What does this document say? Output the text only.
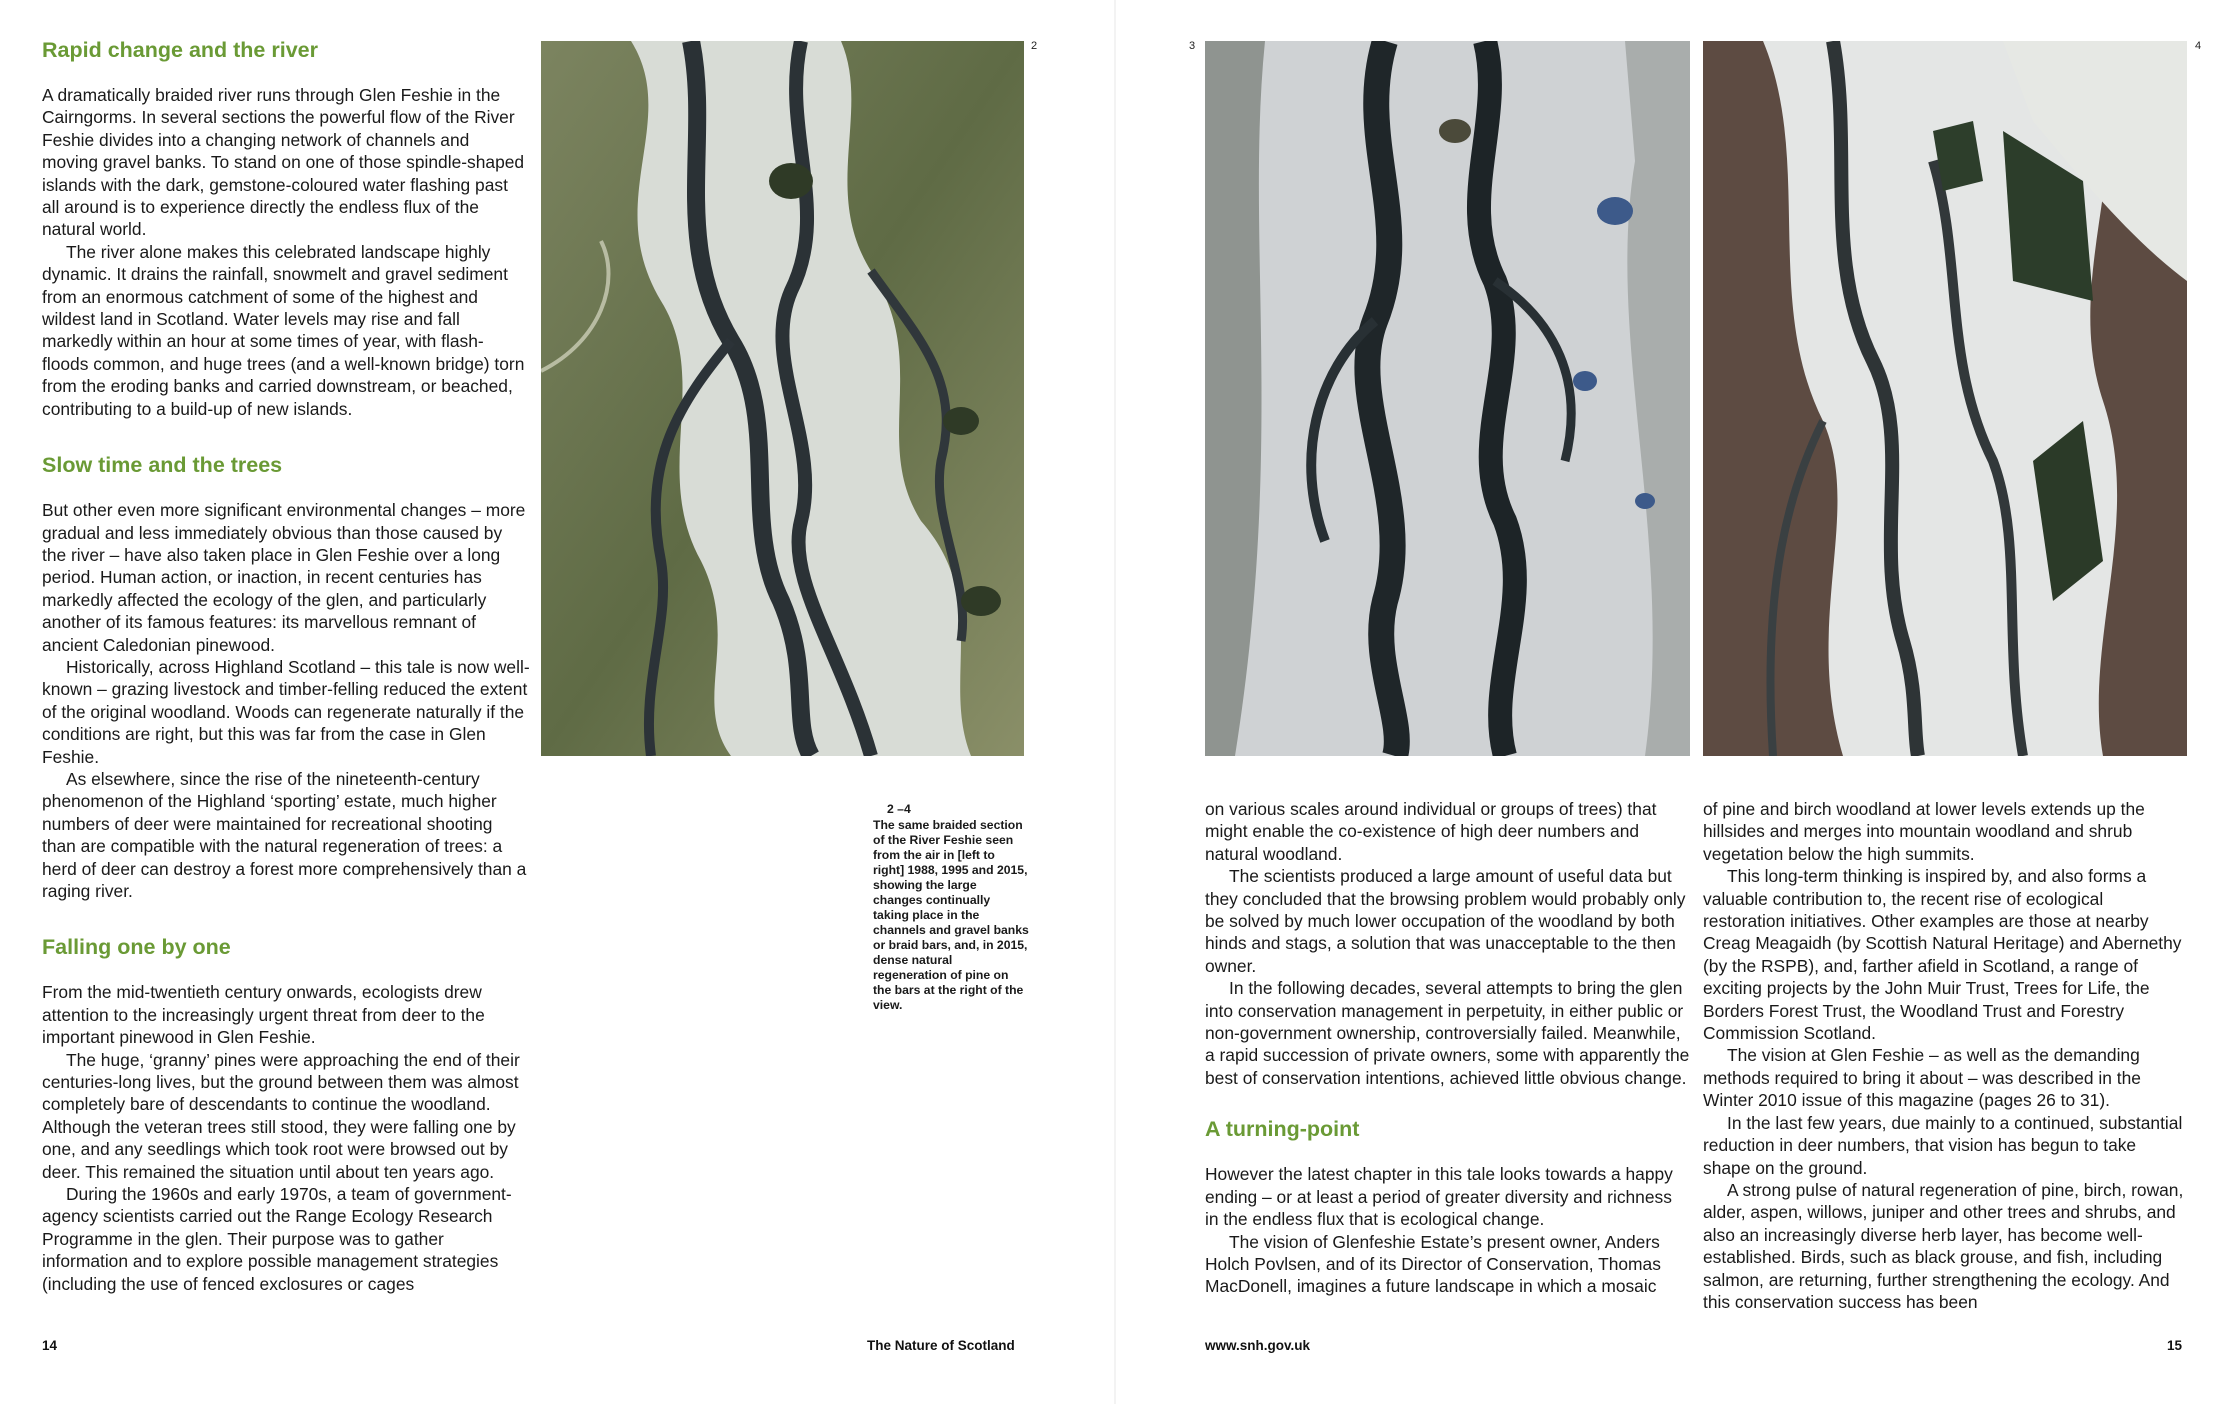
Rapid change and the river

A dramatically braided river runs through Glen Feshie in the Cairngorms. In several sections the powerful flow of the River Feshie divides into a changing network of channels and moving gravel banks. To stand on one of those spindle-shaped islands with the dark, gemstone-coloured water flashing past all around is to experience directly the endless flux of the natural world.

The river alone makes this celebrated landscape highly dynamic. It drains the rainfall, snowmelt and gravel sediment from an enormous catchment of some of the highest and wildest land in Scotland. Water levels may rise and fall markedly within an hour at some times of year, with flash-floods common, and huge trees (and a well-known bridge) torn from the eroding banks and carried downstream, or beached, contributing to a build-up of new islands.

Slow time and the trees

But other even more significant environmental changes – more gradual and less immediately obvious than those caused by the river – have also taken place in Glen Feshie over a long period. Human action, or inaction, in recent centuries has markedly affected the ecology of the glen, and particularly another of its famous features: its marvellous remnant of ancient Caledonian pinewood.

Historically, across Highland Scotland – this tale is now well-known – grazing livestock and timber-felling reduced the extent of the original woodland. Woods can regenerate naturally if the conditions are right, but this was far from the case in Glen Feshie.

As elsewhere, since the rise of the nineteenth-century phenomenon of the Highland ‘sporting’ estate, much higher numbers of deer were maintained for recreational shooting than are compatible with the natural regeneration of trees: a herd of deer can destroy a forest more comprehensively than a raging river.

Falling one by one

From the mid-twentieth century onwards, ecologists drew attention to the increasingly urgent threat from deer to the important pinewood in Glen Feshie.

The huge, ‘granny’ pines were approaching the end of their centuries-long lives, but the ground between them was almost completely bare of descendants to continue the woodland. Although the veteran trees still stood, they were falling one by one, and any seedlings which took root were browsed out by deer. This remained the situation until about ten years ago.

During the 1960s and early 1970s, a team of government-agency scientists carried out the Range Ecology Research Programme in the glen. Their purpose was to gather information and to explore possible management strategies (including the use of fenced exclosures or cages

2
2 –4
The same braided section of the River Feshie seen from the air in [left to right] 1988, 1995 and 2015, showing the large changes continually taking place in the channels and gravel banks or braid bars, and, in 2015, dense natural regeneration of pine on the bars at the right of the view.
14	The Nature of Scotland
3	4

on various scales around individual or groups of trees) that might enable the co-existence of high deer numbers and natural woodland.

The scientists produced a large amount of useful data but they concluded that the browsing problem would probably only be solved by much lower occupation of the woodland by both hinds and stags, a solution that was unacceptable to the then owner.

In the following decades, several attempts to bring the glen into conservation management in perpetuity, in either public or non-government ownership, controversially failed. Meanwhile, a rapid succession of private owners, some with apparently the best of conservation intentions, achieved little obvious change.

A turning-point

However the latest chapter in this tale looks towards a happy ending – or at least a period of greater diversity and richness in the endless flux that is ecological change.

The vision of Glenfeshie Estate’s present owner, Anders Holch Povlsen, and of its Director of Conservation, Thomas MacDonell, imagines a future landscape in which a mosaic

of pine and birch woodland at lower levels extends up the hillsides and merges into mountain woodland and shrub vegetation below the high summits.

This long-term thinking is inspired by, and also forms a valuable contribution to, the recent rise of ecological restoration initiatives. Other examples are those at nearby Creag Meagaidh (by Scottish Natural Heritage) and Abernethy (by the RSPB), and, farther afield in Scotland, a range of exciting projects by the John Muir Trust, Trees for Life, the Borders Forest Trust, the Woodland Trust and Forestry Commission Scotland.

The vision at Glen Feshie – as well as the demanding methods required to bring it about – was described in the Winter 2010 issue of this magazine (pages 26 to 31).

In the last few years, due mainly to a continued, substantial reduction in deer numbers, that vision has begun to take shape on the ground.

A strong pulse of natural regeneration of pine, birch, rowan, alder, aspen, willows, juniper and other trees and shrubs, and also an increasingly diverse herb layer, has become well-established. Birds, such as black grouse, and fish, including salmon, are returning, further strengthening the ecology. And this conservation success has been

www.snh.gov.uk	15
